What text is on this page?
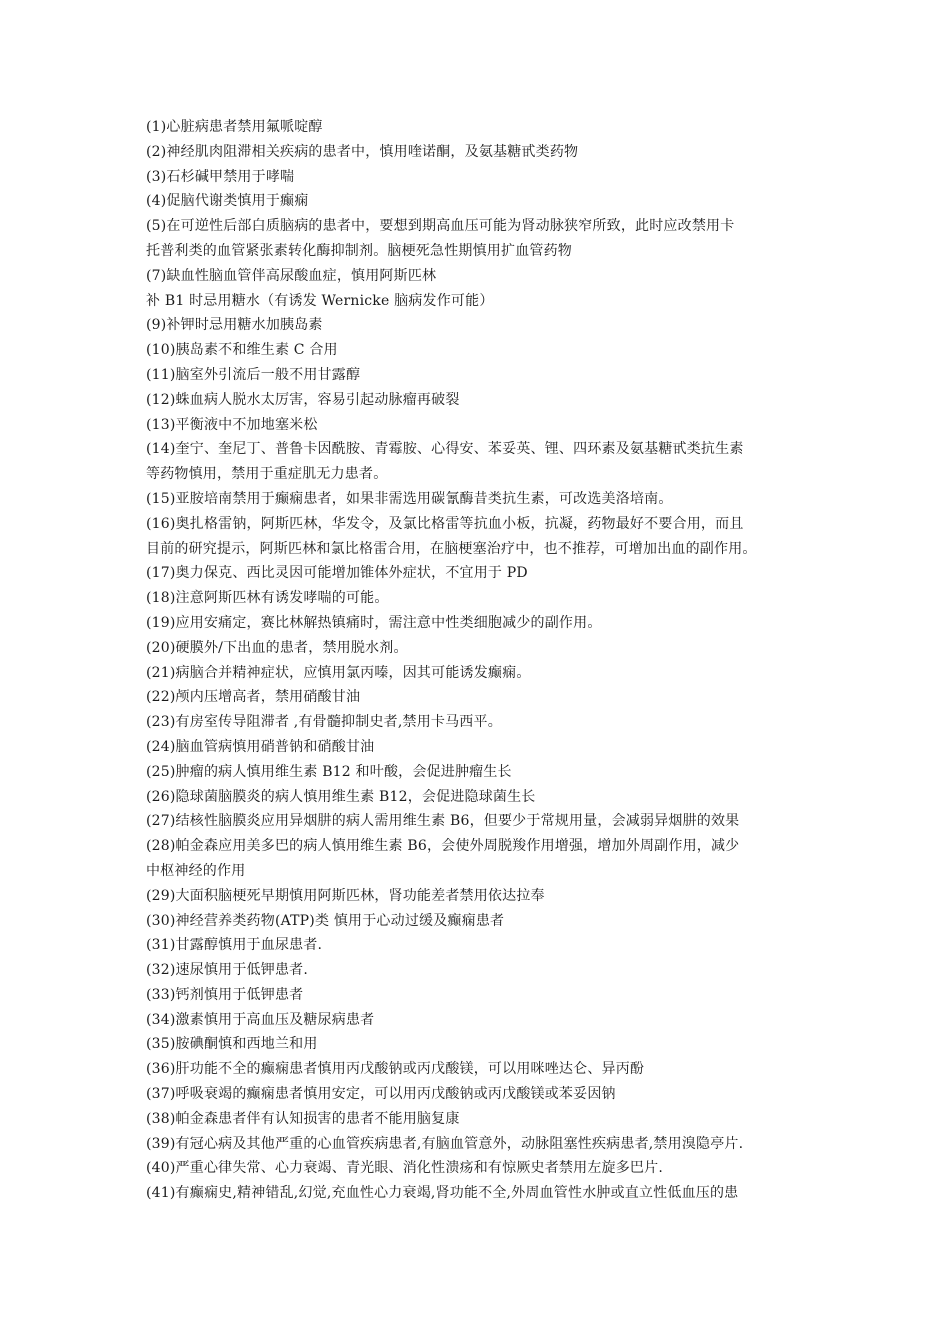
(1)心脏病患者禁用氟哌啶醇
(2)神经肌肉阻滞相关疾病的患者中，慎用喹诺酮，及氨基糖甙类药物
(3)石杉碱甲禁用于哮喘
(4)促脑代谢类慎用于癫痫
(5)在可逆性后部白质脑病的患者中，要想到期高血压可能为肾动脉狭窄所致，此时应改禁用卡
托普利类的血管紧张素转化酶抑制剂。脑梗死急性期慎用扩血管药物
(7)缺血性脑血管伴高尿酸血症，慎用阿斯匹林
补 B1 时忌用糖水（有诱发 Wernicke 脑病发作可能）
(9)补钾时忌用糖水加胰岛素
(10)胰岛素不和维生素 C 合用
(11)脑室外引流后一般不用甘露醇
(12)蛛血病人脱水太厉害，容易引起动脉瘤再破裂
(13)平衡液中不加地塞米松
(14)奎宁、奎尼丁、普鲁卡因酰胺、青霉胺、心得安、苯妥英、锂、四环素及氨基糖甙类抗生素
等药物慎用，禁用于重症肌无力患者。
(15)亚胺培南禁用于癫痫患者，如果非需选用碳氰酶昔类抗生素，可改选美洛培南。
(16)奥扎格雷钠，阿斯匹林，华发令，及氯比格雷等抗血小板，抗凝，药物最好不要合用，而且
目前的研究提示，阿斯匹林和氯比格雷合用，在脑梗塞治疗中，也不推荐，可增加出血的副作用。
(17)奥力保克、西比灵因可能增加锥体外症状，不宜用于 PD
(18)注意阿斯匹林有诱发哮喘的可能。
(19)应用安痛定，赛比林解热镇痛时，需注意中性类细胞减少的副作用。
(20)硬膜外/下出血的患者，禁用脱水剂。
(21)病脑合并精神症状，应慎用氯丙嗪，因其可能诱发癫痫。
(22)颅内压增高者，禁用硝酸甘油
(23)有房室传导阻滞者 ,有骨髓抑制史者,禁用卡马西平。
(24)脑血管病慎用硝普钠和硝酸甘油
(25)肿瘤的病人慎用维生素 B12 和叶酸，会促进肿瘤生长
(26)隐球菌脑膜炎的病人慎用维生素 B12，会促进隐球菌生长
(27)结核性脑膜炎应用异烟肼的病人需用维生素 B6，但要少于常规用量，会减弱异烟肼的效果
(28)帕金森应用美多巴的病人慎用维生素 B6，会使外周脱羧作用增强，增加外周副作用，减少
中枢神经的作用
(29)大面积脑梗死早期慎用阿斯匹林，肾功能差者禁用依达拉奉
(30)神经营养类药物(ATP)类 慎用于心动过缓及癫痫患者
(31)甘露醇慎用于血尿患者.
(32)速尿慎用于低钾患者.
(33)钙剂慎用于低钾患者
(34)激素慎用于高血压及糖尿病患者
(35)胺碘酮慎和西地兰和用
(36)肝功能不全的癫痫患者慎用丙戊酸钠或丙戊酸镁，可以用咪唑达仑、异丙酚
(37)呼吸衰竭的癫痫患者慎用安定，可以用丙戊酸钠或丙戊酸镁或苯妥因钠
(38)帕金森患者伴有认知损害的患者不能用脑复康
(39)有冠心病及其他严重的心血管疾病患者,有脑血管意外，动脉阻塞性疾病患者,禁用溴隐亭片.
(40)严重心律失常、心力衰竭、青光眼、消化性溃疡和有惊厥史者禁用左旋多巴片.
(41)有癫痫史,精神错乱,幻觉,充血性心力衰竭,肾功能不全,外周血管性水肿或直立性低血压的患
